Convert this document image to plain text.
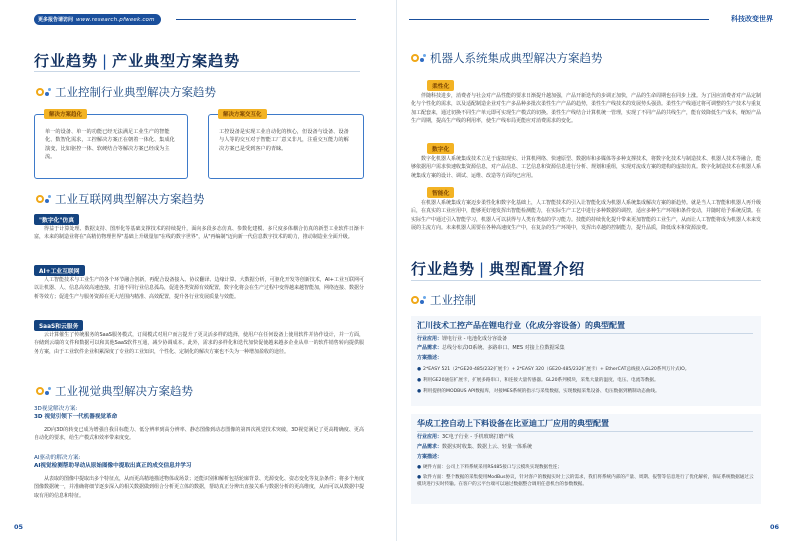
更多报告请访问 www.research.pfweek.com
行业趋势 | 产业典型方案趋势
工业控制行业典型解决方案趋势
解决方案趋化
单一的设备、单一的功能已经无法满足工业生产的智能化、数智化需求，工控解决方案正在朝着一体化、集成化演变，比如驱控一体、软硬结合等解决方案已经成为主流。
解决方案交互化
工控设备是实现工业自动化的核心，但设备与设备、设备与人等的交互对于智能工厂意义非凡，注重交互能力的解决方案已是受到客户的青睐。
工业互联网典型解决方案趋势
"数字化"仿真
得益于计算处理、数据支持、图形化等基础支撑技术的持续提升，面向多段多态仿真、参数化建模、多尺度多体耦合仿真的新型工业软件日渐丰富，未来的制造业将在"高精仿物理世界"基础上升级量加"在线的数字世界"，从"再编制"迈向新一代信息数字技术的助力，推动制造业全面升级。
AI+工业互联网
人工智能技术与工业生产的各个环节融合创新，再配合设备接入、协议翻译、边缘计算、大数据分析，可驱化开发等创新技术，AI+工业互联网可以让机器、人、信息高效高速连接，打通不同行业信息孤岛，促进各类资源有效配置，数字化将会在生产过程中变得越来越智能加，网络连接、数据分析等效方；促进生产与服务资源在更大范围内精准、高效配置，提升各行业发展质量与效能。
SaaS和云服务
云计算催生了传统服务的SaaS服务模式，订阅模式对用户而言提升了更灵活多样的选择，使用户在任何设备上使用软件并协作设计，并一方面，存储到云端的文件和数据可以和其他SaaS软件互通，减少协调成本。此外，需求的多样化和迭代加快促使越来越多企业从单一的软件销售转向提供服务方案，由于工业软件企业积累深度了专业的工业知识，个性化、定制化的解决方案也不失为一种增加盈收的途径。
工业视觉典型解决方案趋势
3D视觉解决方案:
3D 视觉引领下一代机器视觉革命
2D向3D的转变已成为增强自我目标能力、低分辨率到高分辨率、静态图像到动态图像的第四次视觉技术突破，3D视觉满足了更高精确度、更高自动化的要求，给生产模式和效率带来度变。
AI驱动的解决方案:
AI视觉检测帮助导动从原始图像中提取出真正的成交信息并学习
从表取的图像中提取出多个特征点，从而更高精地描述物体或场景；还能识别和解析包括轮廓背景、光源变化、姿态变化等复杂条件；将多个角度图像数据统一，并准确将细节逐步深入的相关数据做到组合分析更立体的数据，帮助真正分辨出直接关系与数据分析的更高维度，从而可以从数据中提取有用的信息和特征。
05
科技改变世界
机器人系统集成典型解决方案趋势
柔性化
伴随科技进步，消费者与社会对产品性能的要求日渐提升越加强，产品开新迭代的步调正加快，产品的生命周期也在同步上涨。为了因应消费者对产品定制化与个性化的需求，以及适配制造企业对生产多品种多批次柔性生产产品的趋势，柔性生产线技术的发展势头强劲。柔性生产线通过将可调整的生产技术与重复加工配套来，通过切换不同生产单元即可实现生产模式的切换。柔性生产线结合计算机统一管理，实现了不同产品的共线生产，能有效降低生产成本，缩短产品生产周期，提高生产线的利用率，使生产线布局更能应对消费需求的变化。
数字化
数字化机器人系统集成技术立足于虚拟现实、计算机网络、快速原型、数据库和多媒体等多种支撑技术，将数字化技术与制造技术、机器人技术等融合，能够依据用户需求快速收集资源信息，对产品信息、工艺信息和资源信息进行分析、规划和重组，实现对流成方案的建构的虚拟仿真。数字化制造技术在机器人系统集成方案的设计、调试、运维、改造等方面均已应用。
智能化
在机器人系统集成方案迈步柔性化和数字化基础上，人工智能技术的引入让智能化成为机器人系统集成解决方案的新趋势。就是当人工智能和机器人再升级后，在真实的工业应用中，能够更好地发挥出智能检测能力，在实际生产工艺中进行多种数据的调控，适应多种生产环境和条件变动，并随时给予系统反馈。在实际生产中通过引入智能学习，机器人可以获得与人类有类似的学习能力。技能的持续优化提升带来更加智能的工业生产，从而让人工智能将成为机器人未来发展的主流方向。未来机器人需要在各种高速度生产中，在复杂的生产环境中，发挥出卓越的控制能力，提升品质，降低成本和资源浪费。
行业趋势 | 典型配置介绍
工业控制
汇川技术工控产品在锂电行业（化成分容设备）的典型配置
行业应用：锂电行业 - 电池化成分容设备
产品需求：总线分布式IO系统、多路串口、MES 对接上位数据采集
方案描述：
● 2*EASY 521（2*GE20-485/232扩展卡）+ 2*EASY 320（GE20-485/232扩展卡）+ EtherCAT总线接入GL20系列万片式IO。
● 利用GE20通信扩展卡，扩展多路串口，和连接大量传感器。GL20系列模块，采集大量的温度、电压、电流等数据。
● 利用提供的MODBUS API数据库，对接MES系统的指示与采集数据，实现数据采集设备、电压数据到精制动态曲线。
华成工控自动上下料设备在比亚迪工厂应用的典型配置
行业应用：3C电子行业 - 手机玻璃打磨产线
产品需求：数据实时收集、数据上云、轻量一体系统
方案描述：
● 硬件方面：公司上下料系统采用RS485接口与云模块实现数据性连；
● 软件方面：整个数据的采集使用ModBus协议，针对客户的数据实时上云的需求，我们将系统内部的产量、周期、报警等信息进行了优化解析，保证系统数据通过云模块进行实时传输。在客户的云平台端可以通过数据整合调用任意机台的参数数据。
06
